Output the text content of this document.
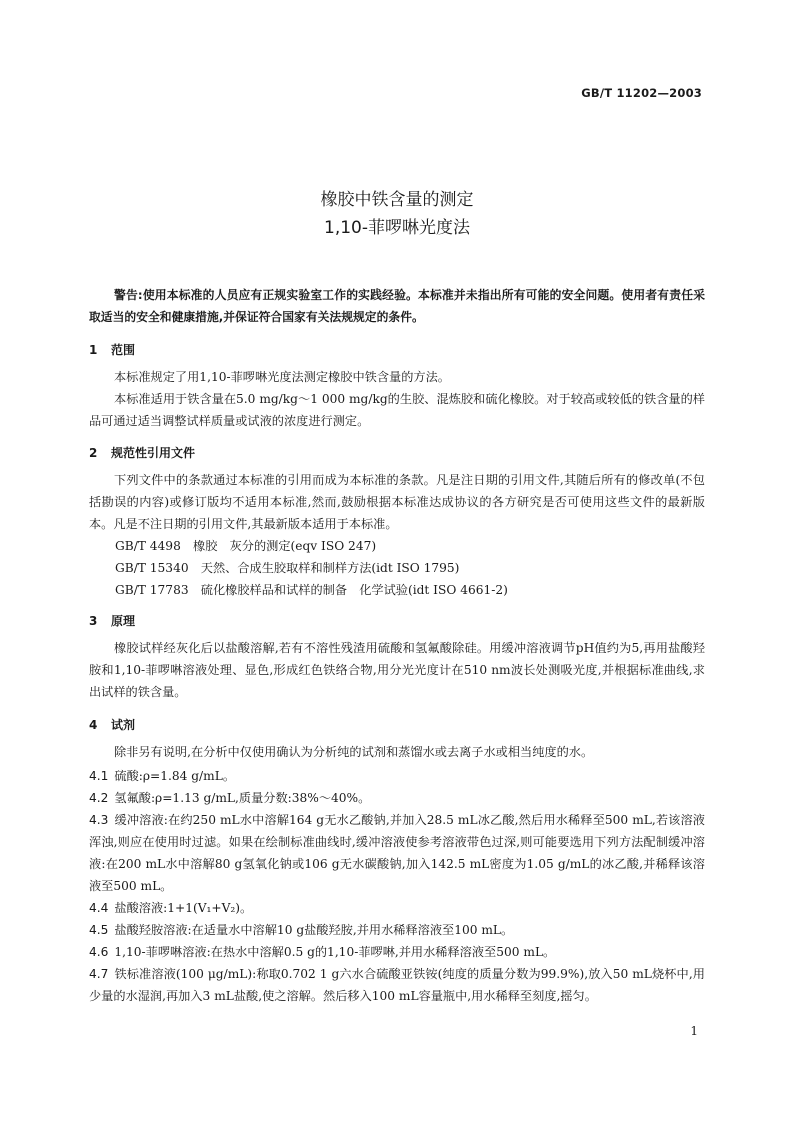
GB/T 11202—2003
橡胶中铁含量的测定
1,10-菲啰啉光度法
警告:使用本标准的人员应有正规实验室工作的实践经验。本标准并未指出所有可能的安全问题。使用者有责任采取适当的安全和健康措施,并保证符合国家有关法规规定的条件。
1 范围
本标准规定了用1,10-菲啰啉光度法测定橡胶中铁含量的方法。
本标准适用于铁含量在5.0 mg/kg～1 000 mg/kg的生胶、混炼胶和硫化橡胶。对于较高或较低的铁含量的样品可通过适当调整试样质量或试液的浓度进行测定。
2 规范性引用文件
下列文件中的条款通过本标准的引用而成为本标准的条款。凡是注日期的引用文件,其随后所有的修改单(不包括勘误的内容)或修订版均不适用本标准,然而,鼓励根据本标准达成协议的各方研究是否可使用这些文件的最新版本。凡是不注日期的引用文件,其最新版本适用于本标准。
GB/T 4498　橡胶　灰分的测定(eqv ISO 247)
GB/T 15340　天然、合成生胶取样和制样方法(idt ISO 1795)
GB/T 17783　硫化橡胶样品和试样的制备　化学试验(idt ISO 4661-2)
3 原理
橡胶试样经灰化后以盐酸溶解,若有不溶性残渣用硫酸和氢氟酸除硅。用缓冲溶液调节pH值约为5,再用盐酸羟胺和1,10-菲啰啉溶液处理、显色,形成红色铁络合物,用分光光度计在510 nm波长处测吸光度,并根据标准曲线,求出试样的铁含量。
4 试剂
除非另有说明,在分析中仅使用确认为分析纯的试剂和蒸馏水或去离子水或相当纯度的水。
4.1 硫酸:ρ=1.84 g/mL。
4.2 氢氟酸:ρ=1.13 g/mL,质量分数:38%～40%。
4.3 缓冲溶液:在约250 mL水中溶解164 g无水乙酸钠,并加入28.5 mL冰乙酸,然后用水稀释至500 mL,若该溶液浑浊,则应在使用时过滤。如果在绘制标准曲线时,缓冲溶液使参考溶液带色过深,则可能要选用下列方法配制缓冲溶液:在200 mL水中溶解80 g氢氧化钠或106 g无水碳酸钠,加入142.5 mL密度为1.05 g/mL的冰乙酸,并稀释该溶液至500 mL。
4.4 盐酸溶液:1+1(V₁+V₂)。
4.5 盐酸羟胺溶液:在适量水中溶解10 g盐酸羟胺,并用水稀释溶液至100 mL。
4.6 1,10-菲啰啉溶液:在热水中溶解0.5 g的1,10-菲啰啉,并用水稀释溶液至500 mL。
4.7 铁标准溶液(100 μg/mL):称取0.702 1 g六水合硫酸亚铁铵(纯度的质量分数为99.9%),放入50 mL烧杯中,用少量的水湿润,再加入3 mL盐酸,使之溶解。然后移入100 mL容量瓶中,用水稀释至刻度,摇匀。
1
